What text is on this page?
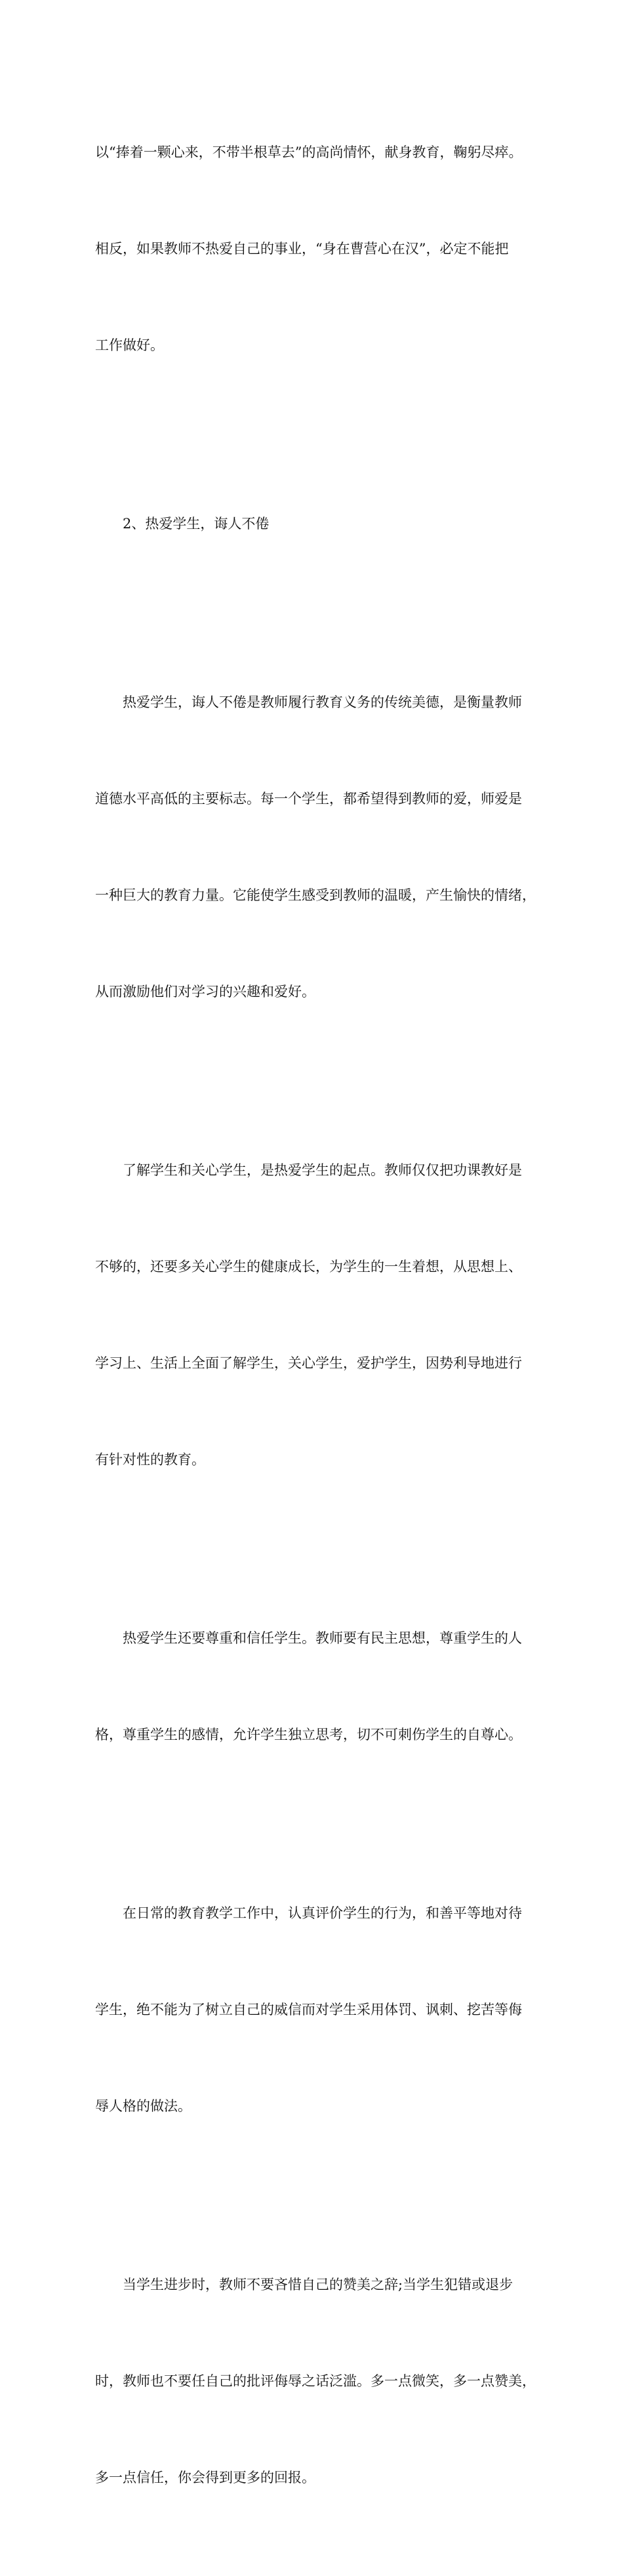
以“捧着一颗心来，不带半根草去”的高尚情怀，献身教育，鞠躬尽瘁。

相反，如果教师不热爱自己的事业，“身在曹营心在汉”，必定不能把

工作做好。

2、热爱学生，诲人不倦

热爱学生，诲人不倦是教师履行教育义务的传统美德，是衡量教师

道德水平高低的主要标志。每一个学生，都希望得到教师的爱，师爱是

一种巨大的教育力量。它能使学生感受到教师的温暖，产生愉快的情绪，

从而激励他们对学习的兴趣和爱好。

了解学生和关心学生，是热爱学生的起点。教师仅仅把功课教好是

不够的，还要多关心学生的健康成长，为学生的一生着想，从思想上、

学习上、生活上全面了解学生，关心学生，爱护学生，因势利导地进行

有针对性的教育。

热爱学生还要尊重和信任学生。教师要有民主思想，尊重学生的人

格，尊重学生的感情，允许学生独立思考，切不可刺伤学生的自尊心。

在日常的教育教学工作中，认真评价学生的行为，和善平等地对待

学生，绝不能为了树立自己的威信而对学生采用体罚、讽刺、挖苦等侮

辱人格的做法。

当学生进步时，教师不要吝惜自己的赞美之辞;当学生犯错或退步

时，教师也不要任自己的批评侮辱之话泛滥。多一点微笑，多一点赞美，

多一点信任，你会得到更多的回报。
